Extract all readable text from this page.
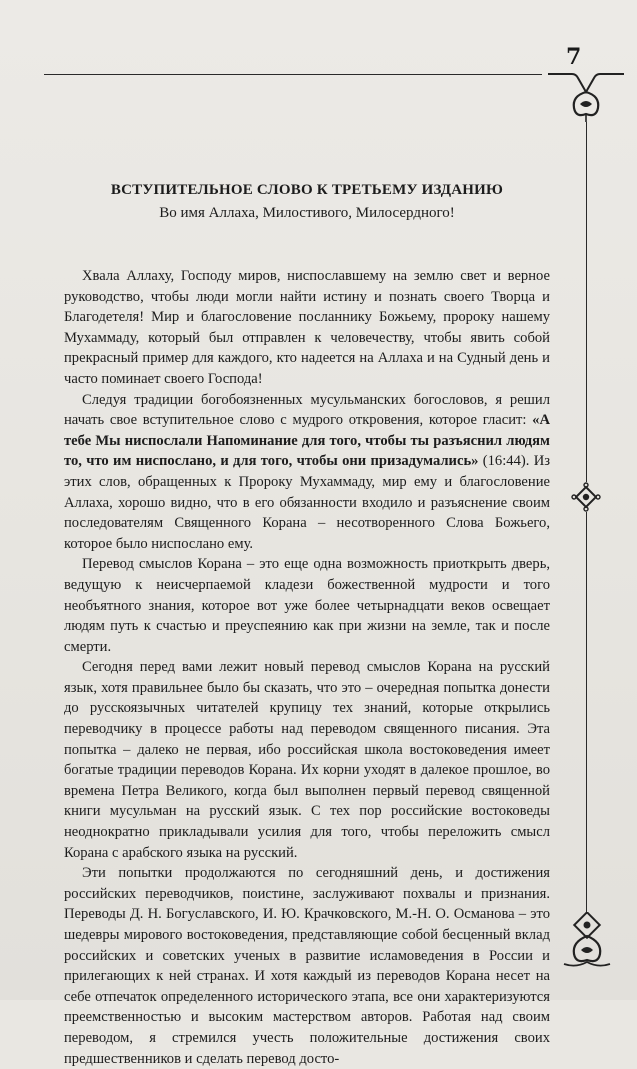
7
ВСТУПИТЕЛЬНОЕ СЛОВО К ТРЕТЬЕМУ ИЗДАНИЮ

Во имя Аллаха, Милостивого, Милосердного!

Хвала Аллаху, Господу миров, ниспославшему на землю свет и верное руководство, чтобы люди могли найти истину и познать своего Творца и Благодетеля! Мир и благословение посланнику Божьему, пророку нашему Мухаммаду, который был отправлен к человечеству, чтобы явить собой прекрасный пример для каждого, кто надеется на Аллаха и на Судный день и часто поминает своего Господа!

Следуя традиции богобоязненных мусульманских богословов, я решил начать свое вступительное слово с мудрого откровения, которое гласит: «А тебе Мы ниспослали Напоминание для того, чтобы ты разъяснил людям то, что им ниспослано, и для того, чтобы они призадумались» (16:44). Из этих слов, обращенных к Пророку Мухаммаду, мир ему и благословение Аллаха, хорошо видно, что в его обязанности входило и разъяснение своим последователям Священного Корана – несотворенного Слова Божьего, которое было ниспослано ему.

Перевод смыслов Корана – это еще одна возможность приоткрыть дверь, ведущую к неисчерпаемой кладези божественной мудрости и того необъятного знания, которое вот уже более четырнадцати веков освещает людям путь к счастью и преуспеянию как при жизни на земле, так и после смерти.

Сегодня перед вами лежит новый перевод смыслов Корана на русский язык, хотя правильнее было бы сказать, что это – очередная попытка донести до русскоязычных читателей крупицу тех знаний, которые открылись переводчику в процессе работы над переводом священного писания. Эта попытка – далеко не первая, ибо российская школа востоковедения имеет богатые традиции переводов Корана. Их корни уходят в далекое прошлое, во времена Петра Великого, когда был выполнен первый перевод священной книги мусульман на русский язык. С тех пор российские востоковеды неоднократно прикладывали усилия для того, чтобы переложить смысл Корана с арабского языка на русский.

Эти попытки продолжаются по сегодняшний день, и достижения российских переводчиков, поистине, заслуживают похвалы и признания. Переводы Д. Н. Богуславского, И. Ю. Крачковского, М.-Н. О. Османова – это шедевры мирового востоковедения, представляющие собой бесценный вклад российских и советских ученых в развитие исламоведения в России и прилегающих к ней странах. И хотя каждый из переводов Корана несет на себе отпечаток определенного исторического этапа, все они характеризуются преемственностью и высоким мастерством авторов. Работая над своим переводом, я стремился учесть положительные достижения своих предшественников и сделать перевод досто-
